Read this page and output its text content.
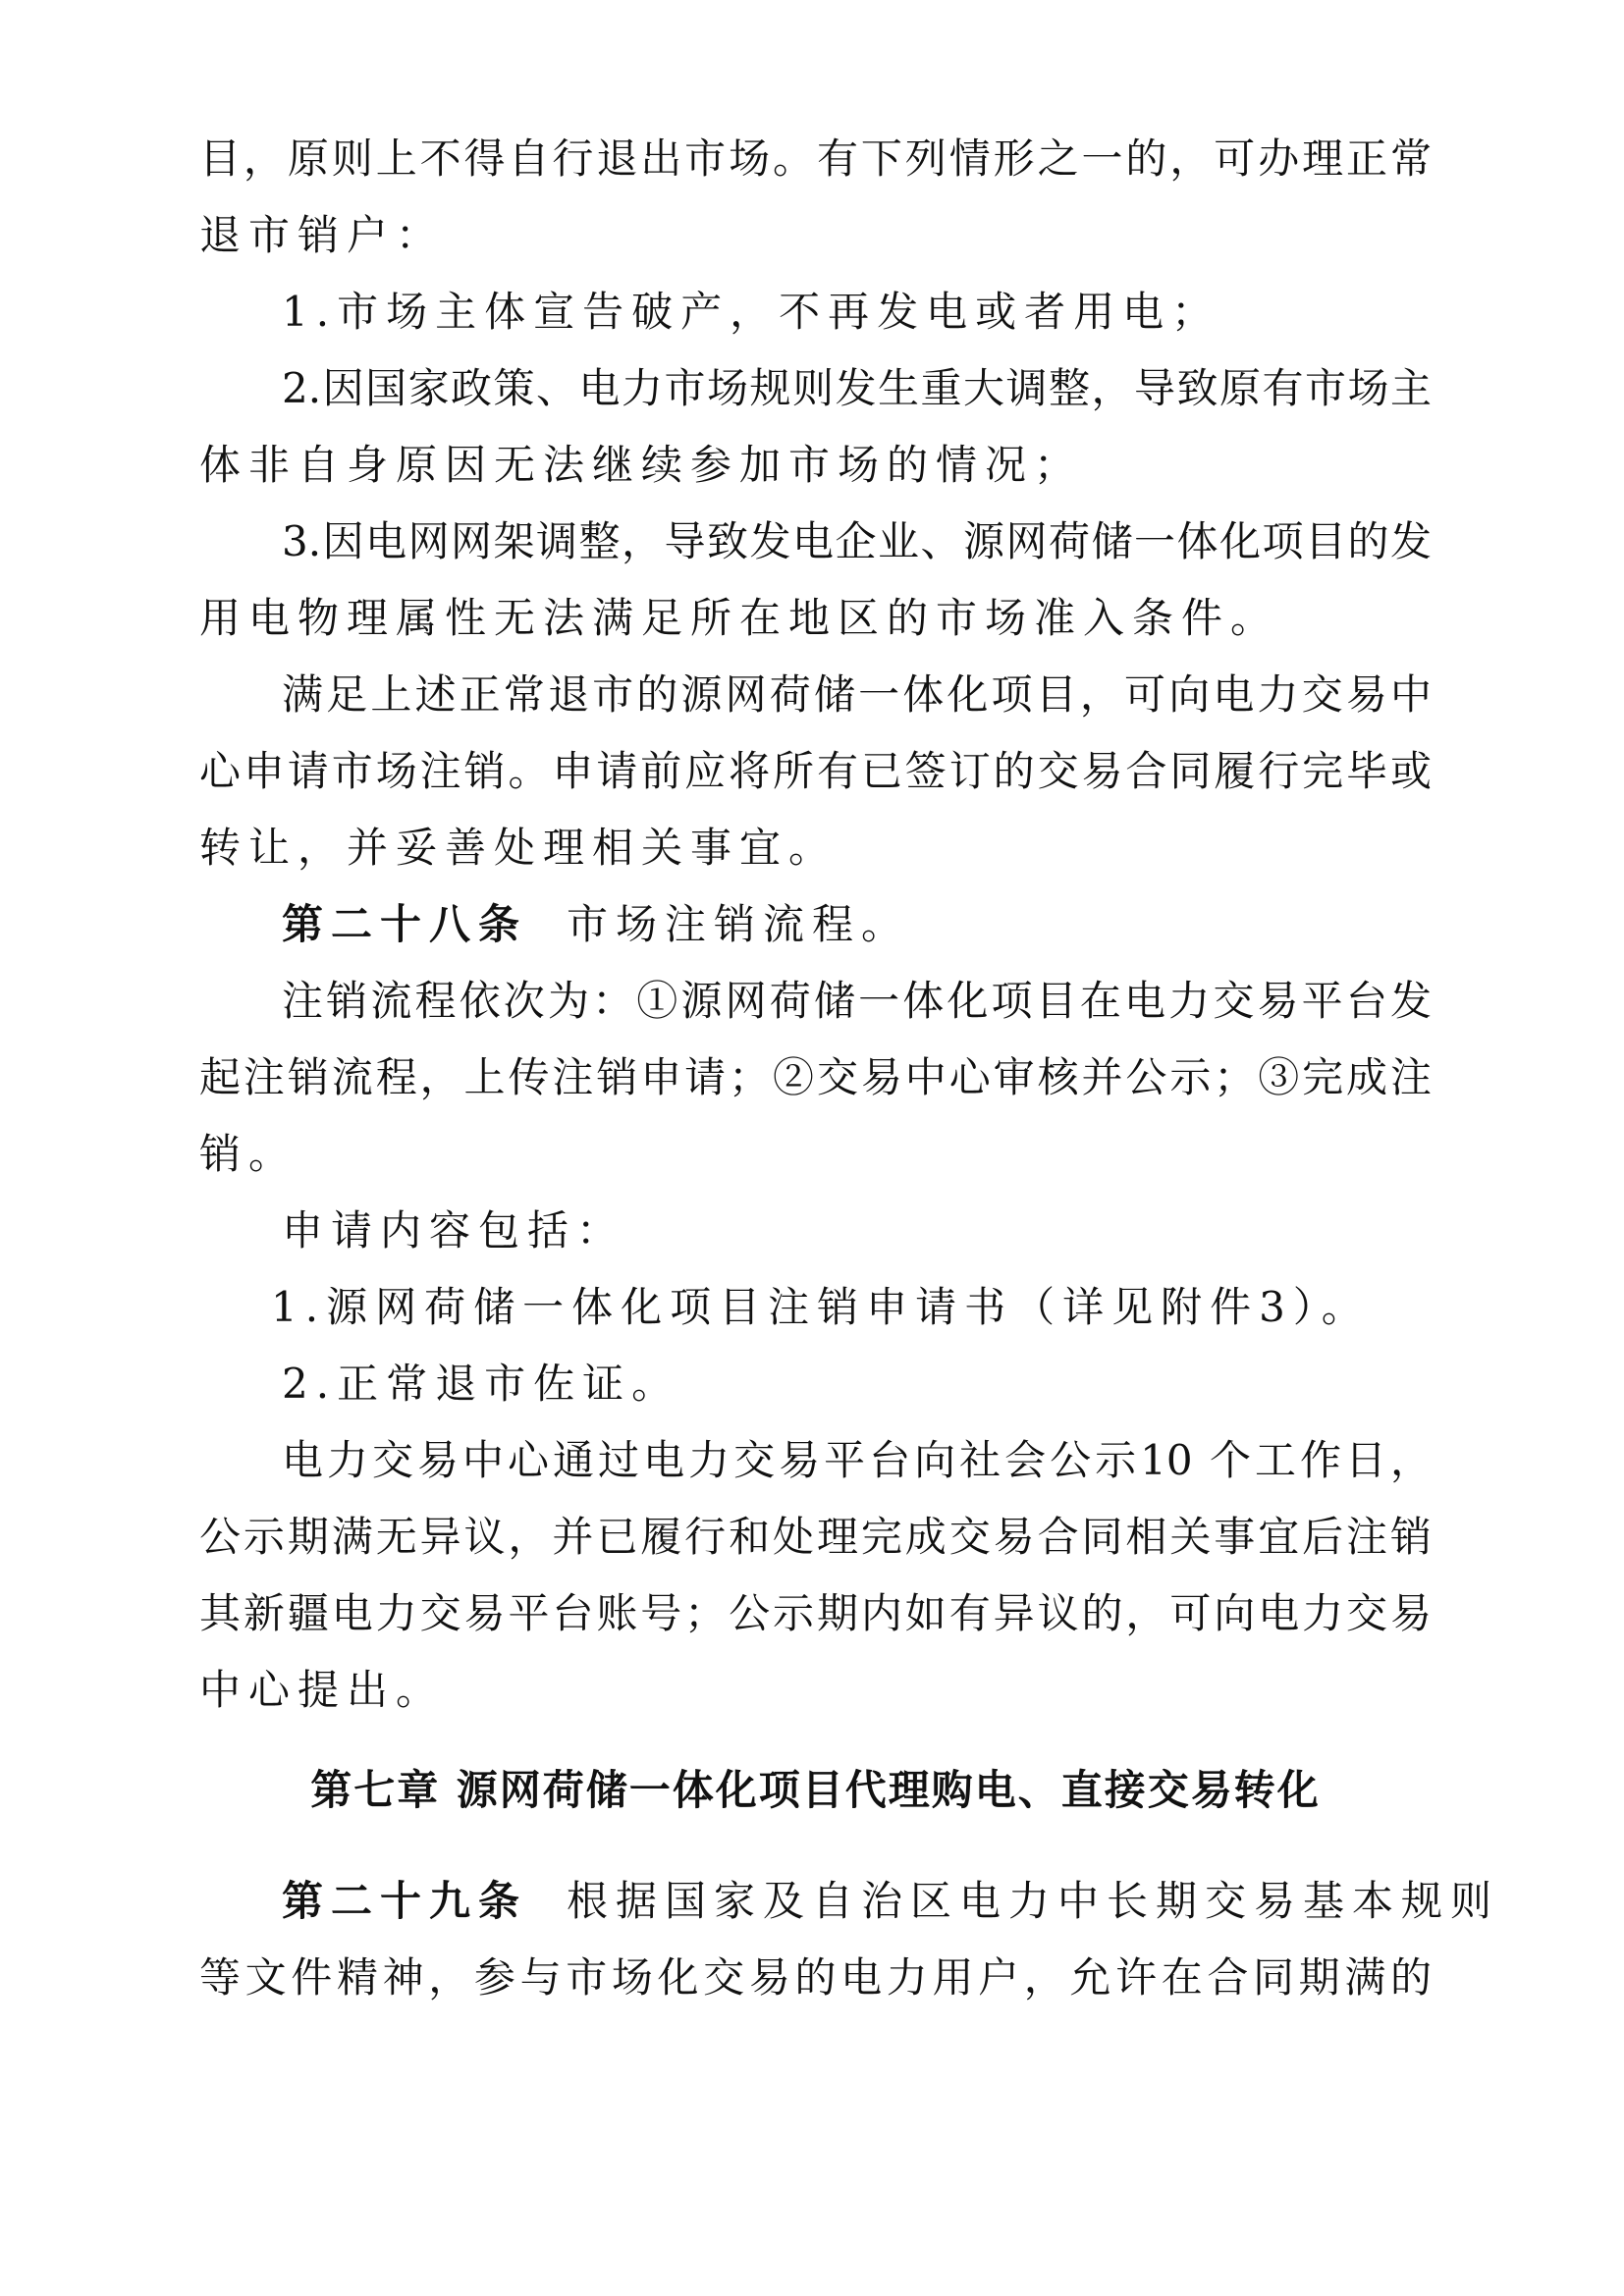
目，原则上不得自行退出市场。有下列情形之一的，可办理正常
退市销户：
1.市场主体宣告破产，不再发电或者用电；
2.因国家政策、电力市场规则发生重大调整，导致原有市场主
体非自身原因无法继续参加市场的情况；
3.因电网网架调整，导致发电企业、源网荷储一体化项目的发
用电物理属性无法满足所在地区的市场准入条件。
满足上述正常退市的源网荷储一体化项目，可向电力交易中
心申请市场注销。申请前应将所有已签订的交易合同履行完毕或
转让，并妥善处理相关事宜。
第二十八条 市场注销流程。
注销流程依次为：①源网荷储一体化项目在电力交易平台发
起注销流程，上传注销申请；②交易中心审核并公示；③完成注
销。
申请内容包括：
1.源网荷储一体化项目注销申请书（详见附件3）。
2.正常退市佐证。
电力交易中心通过电力交易平台向社会公示10 个工作日，
公示期满无异议，并已履行和处理完成交易合同相关事宜后注销
其新疆电力交易平台账号；公示期内如有异议的，可向电力交易
中心提出。
第七章 源网荷储一体化项目代理购电、直接交易转化
第二十九条 根据国家及自治区电力中长期交易基本规则
等文件精神，参与市场化交易的电力用户，允许在合同期满的
